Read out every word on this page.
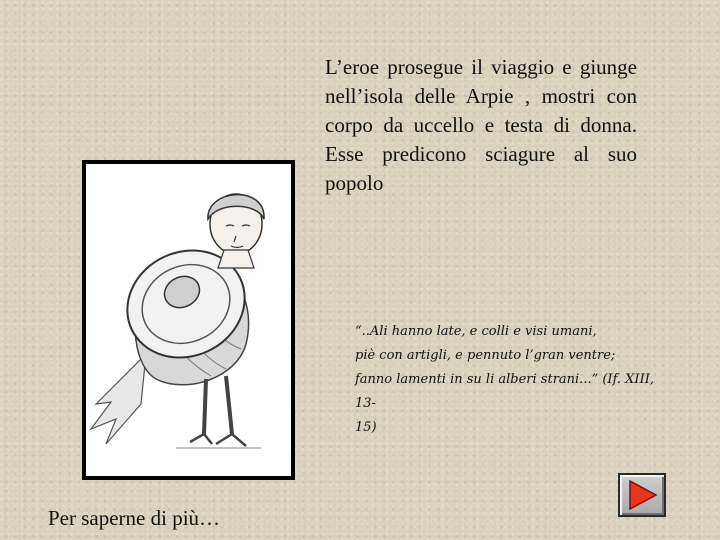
L’eroe prosegue il viaggio e giunge nell’isola delle Arpie , mostri con corpo da uccello e testa di donna. Esse predicono sciagure al suo popolo

“..Ali hanno late, e colli e visi umani,
piè con artigli, e pennuto l’gran ventre;
fanno lamenti in su li alberi strani...” (If. XIII, 13-
15)
Per saperne di più…
